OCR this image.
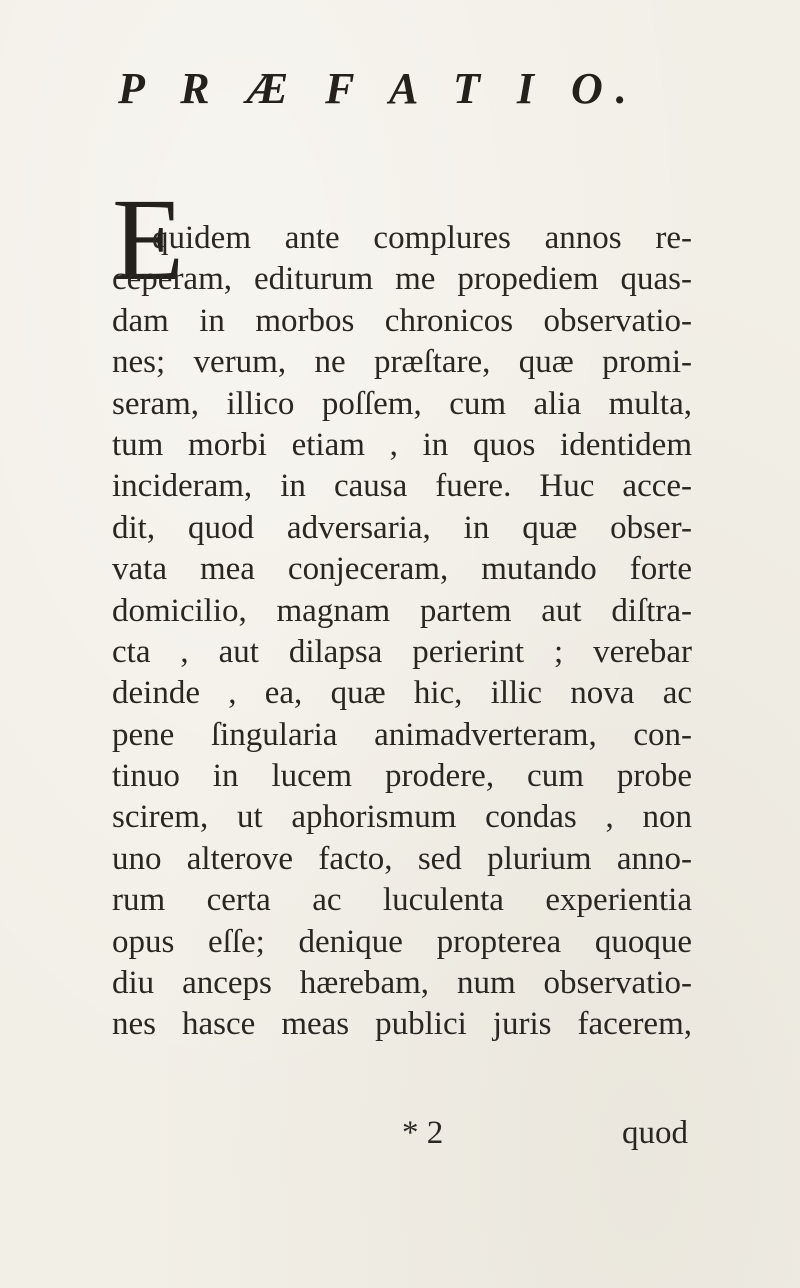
P R Æ F A T I O.
E
quidem ante complures annos re-
ceperam, editurum me propediem quas-
dam in morbos chronicos observatio-
nes; verum, ne præſtare, quæ promi-
seram, illico poſſem, cum alia multa,
tum morbi etiam , in quos identidem
incideram, in causa fuere. Huc acce-
dit, quod adversaria, in quæ obser-
vata mea conjeceram, mutando forte
domicilio, magnam partem aut diſtra-
cta , aut dilapsa perierint ; verebar
deinde , ea, quæ hic, illic nova ac
pene ſingularia animadverteram, con-
tinuo in lucem prodere, cum probe
scirem, ut aphorismum condas , non
uno alterove facto, sed plurium anno-
rum certa ac luculenta experientia
opus eſſe; denique propterea quoque
diu anceps hærebam, num observatio-
nes hasce meas publici juris facerem,
* 2	quod
